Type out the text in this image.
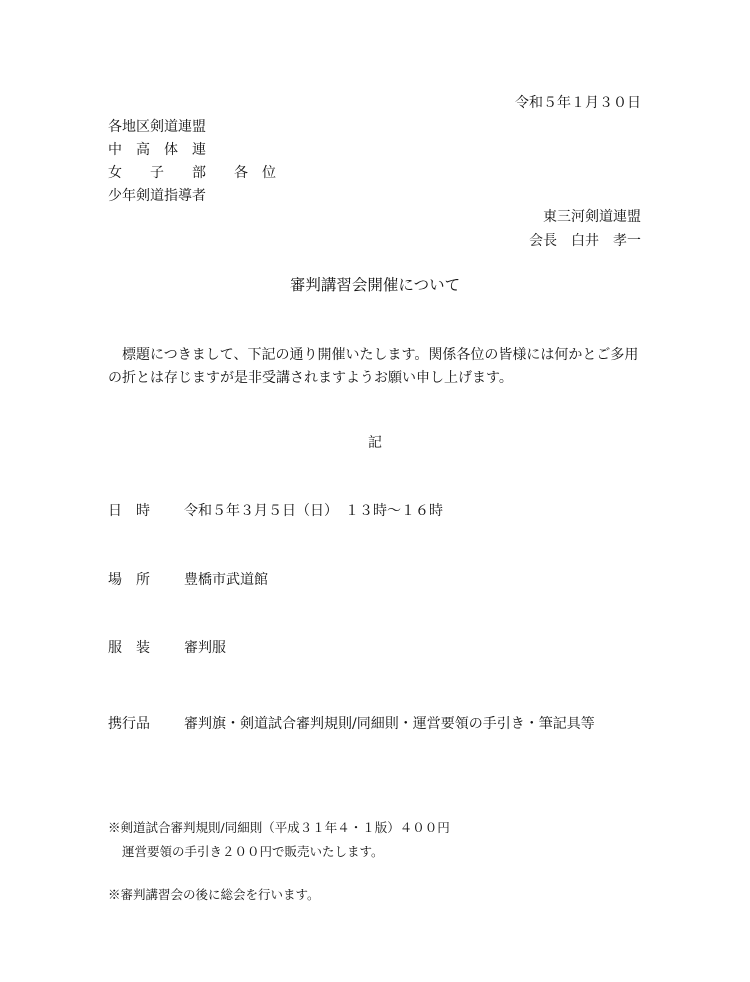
令和５年１月３０日
各地区剣道連盟
中　高　体　連
女　　子　　部　　各　位
少年剣道指導者
東三河剣道連盟
会長　白井　孝一
審判講習会開催について
標題につきまして、下記の通り開催いたします。関係各位の皆様には何かとご多用の折とは存じますが是非受講されますようお願い申し上げます。
記
日　時 令和５年３月５日（日）　１３時～１６時
場　所 豊橋市武道館
服　装 審判服
携行品 審判旗・剣道試合審判規則/同細則・運営要領の手引き・筆記具等
※剣道試合審判規則/同細則（平成３１年４・１版）４００円
運営要領の手引き２００円で販売いたします。
※審判講習会の後に総会を行います。
